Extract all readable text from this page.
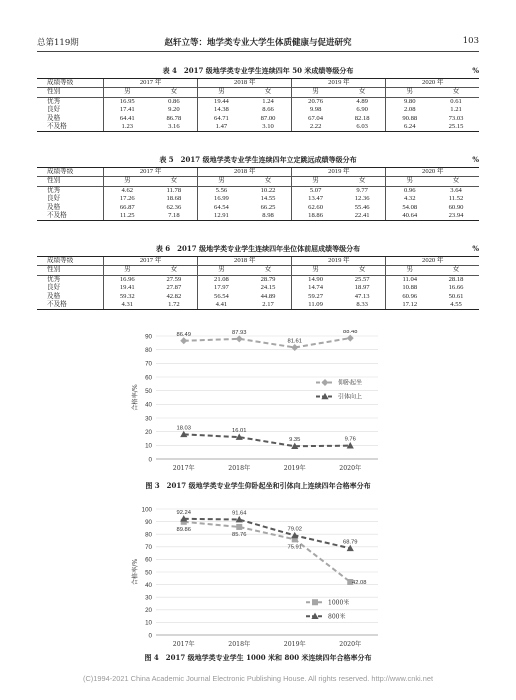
总第119期	赵轩立等：地学类专业大学生体质健康与促进研究	103
表 4　2017 级地学类专业学生连续四年 50 米成绩等级分布	%
成绩等级	2017 年		2018 年		2019 年		2020 年	
性别	男	女	男	女	男	女	男	女
优秀	16.95	0.86	19.44	1.24	20.76	4.89	9.80	0.61
良好	17.41	9.20	14.38	8.66	9.98	6.90	2.08	1.21
及格	64.41	86.78	64.71	87.00	67.04	82.18	90.88	73.03
不及格	1.23	3.16	1.47	3.10	2.22	6.03	6.24	25.15
表 5　2017 级地学类专业学生连续四年立定跳远成绩等级分布	%
成绩等级	2017 年		2018 年		2019 年		2020 年	
性别	男	女	男	女	男	女	男	女
优秀	4.62	11.78	5.56	10.22	5.07	9.77	0.96	3.64
良好	17.26	18.68	16.99	14.55	13.47	12.36	4.32	11.52
及格	66.87	62.36	64.54	66.25	62.60	55.46	54.08	60.90
不及格	11.25	7.18	12.91	8.98	18.86	22.41	40.64	23.94
表 6　2017 级地学类专业学生连续四年坐位体前屈成绩等级分布	%
成绩等级	2017 年		2018 年		2019 年		2020 年	
性别	男	女	男	女	男	女	男	女
优秀	16.96	27.59	21.08	28.79	14.90	25.57	11.04	28.18
良好	19.41	27.87	17.97	24.15	14.74	18.97	10.88	16.66
及格	59.32	42.82	56.54	44.89	59.27	47.13	60.96	50.61
不及格	4.31	1.72	4.41	2.17	11.09	8.33	17.12	4.55
0
10
20
30
40
50
60
70
80
90
合格率/%
2017年	2018年	2019年	2020年
86.49	87.93
81.61
88.48
18.03	16.01
9.35	9.76
仰卧起坐
引体向上
图 3　2017 级地学类专业学生仰卧起坐和引体向上连续四年合格率分布
0
10
20
30
40
50
60
70
80
90
100
合格率/%
2017年	2018年	2019年	2020年
89.86
85.76
75.91
42.08
92.24	91.64
79.02
68.79
1000米
800米
图 4　2017 级地学类专业学生 1000 米和 800 米连续四年合格率分布
(C)1994-2021 China Academic Journal Electronic Publishing House. All rights reserved. http://www.cnki.net
